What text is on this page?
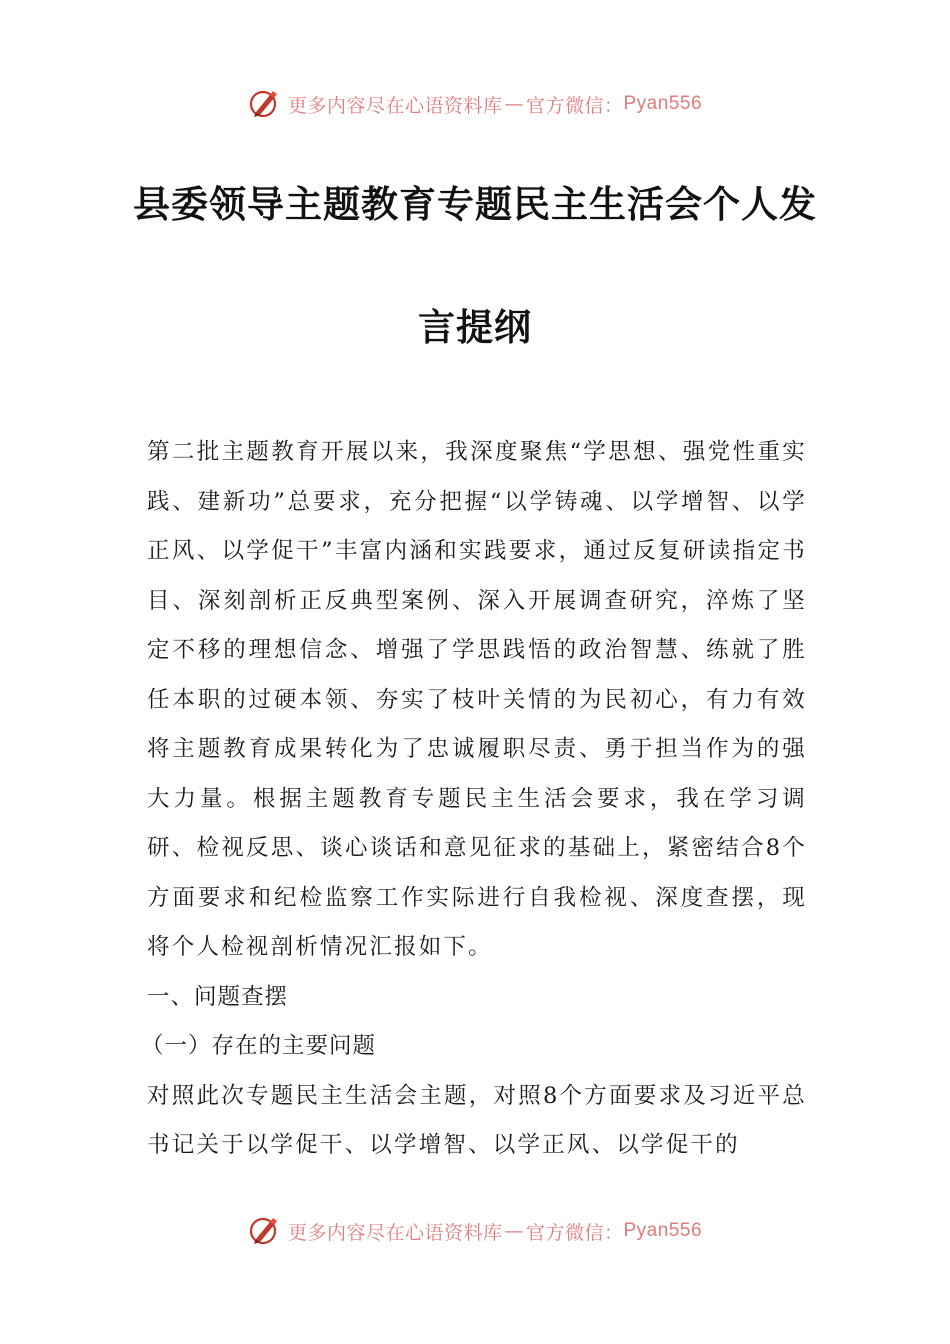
更多内容尽在心语资料库 — 官方微信： Pyan556
县委领导主题教育专题民主生活会个人发
言提纲

第二批主题教育开展以来，我深度聚焦“学思想、强党性重实践、建新功”总要求，充分把握“以学铸魂、以学增智、以学正风、以学促干”丰富内涵和实践要求，通过反复研读指定书目、深刻剖析正反典型案例、深入开展调查研究，淬炼了坚定不移的理想信念、增强了学思践悟的政治智慧、练就了胜任本职的过硬本领、夯实了枝叶关情的为民初心，有力有效将主题教育成果转化为了忠诚履职尽责、勇于担当作为的强大力量。根据主题教育专题民主生活会要求，我在学习调研、检视反思、谈心谈话和意见征求的基础上，紧密结合8个方面要求和纪检监察工作实际进行自我检视、深度查摆，现将个人检视剖析情况汇报如下。

一、问题查摆

（一）存在的主要问题

对照此次专题民主生活会主题，对照8个方面要求及习近平总书记关于以学促干、以学增智、以学正风、以学促干的

更多内容尽在心语资料库 — 官方微信： Pyan556
